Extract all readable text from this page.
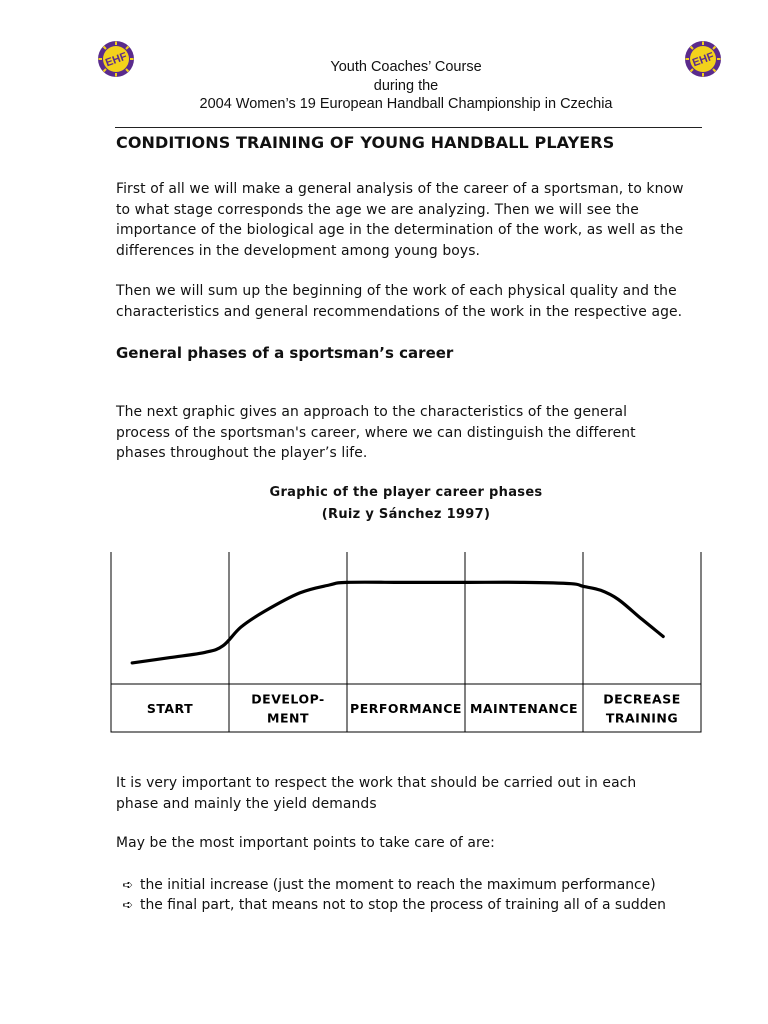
EHF	EHF
Youth Coaches’ Course
during the
2004 Women’s 19 European Handball Championship in Czechia
CONDITIONS TRAINING OF YOUNG HANDBALL PLAYERS
First of all we will make a general analysis of the career of a sportsman, to know
to what stage corresponds the age we are analyzing. Then we will see the
importance of the biological age in the determination of the work, as well as the
differences in the development among young boys.
Then we will sum up the beginning of the work of each physical quality and the
characteristics and general recommendations of the work in the respective age.
General phases of a sportsman’s career
The next graphic gives an approach to the characteristics of the general
process of the sportsman's career, where we can distinguish the different
phases throughout the player’s life.
Graphic of the player career phases
(Ruiz y Sánchez 1997)
START
DEVELOP-
MENT
PERFORMANCE MAINTENANCE
DECREASE
TRAINING
It is very important to respect the work that should be carried out in each
phase and mainly the yield demands
May be the most important points to take care of are:
➪ the initial increase (just the moment to reach the maximum performance)
➪ the final part, that means not to stop the process of training all of a sudden
